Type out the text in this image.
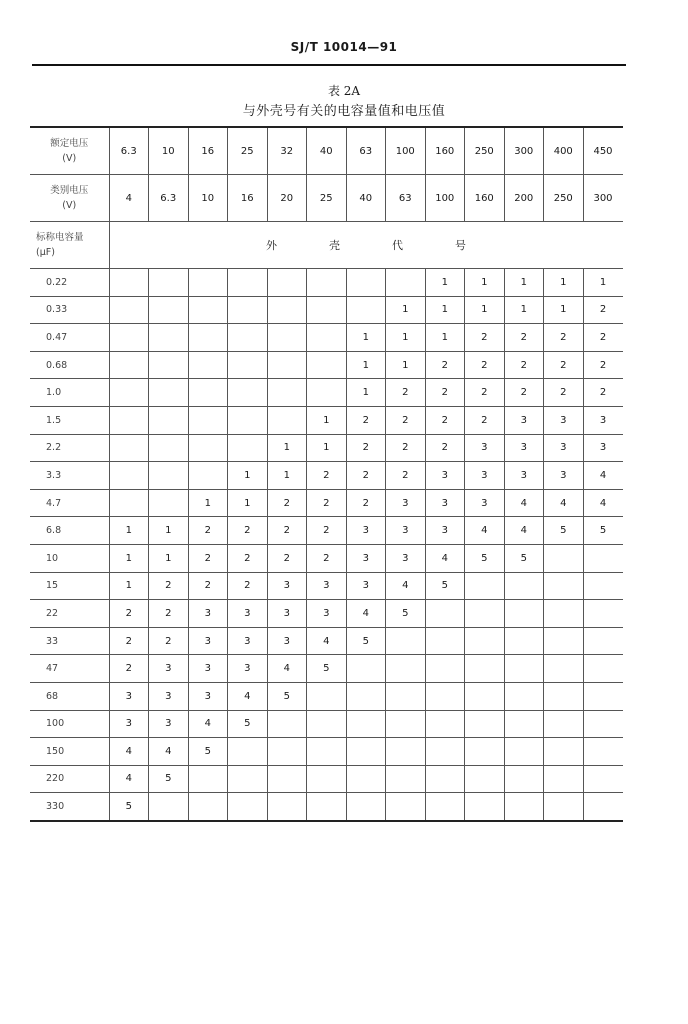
SJ/T 10014—91
表 2A
与外壳号有关的电容量值和电压值
额定电压
(V)	6.3	10	16	25	32	40	63	100	160	250	300	400	450

类别电压
(V)	4	6.3	10	16	20	25	40	63	100	160	200	250	300

标称电容量
(μF)	外壳代号												
0.22									1	1	1	1	1
0.33								1	1	1	1	1	2
0.47							1	1	1	2	2	2	2
0.68							1	1	2	2	2	2	2
1.0							1	2	2	2	2	2	2
1.5						1	2	2	2	2	3	3	3
2.2					1	1	2	2	2	3	3	3	3
3.3				1	1	2	2	2	3	3	3	3	4
4.7			1	1	2	2	2	3	3	3	4	4	4
6.8	1	1	2	2	2	2	3	3	3	4	4	5	5
10	1	1	2	2	2	2	3	3	4	5	5		
15	1	2	2	2	3	3	3	4	5				
22	2	2	3	3	3	3	4	5					
33	2	2	3	3	3	4	5						
47	2	3	3	3	4	5							
68	3	3	3	4	5								
100	3	3	4	5									
150	4	4	5										
220	4	5											
330	5												
